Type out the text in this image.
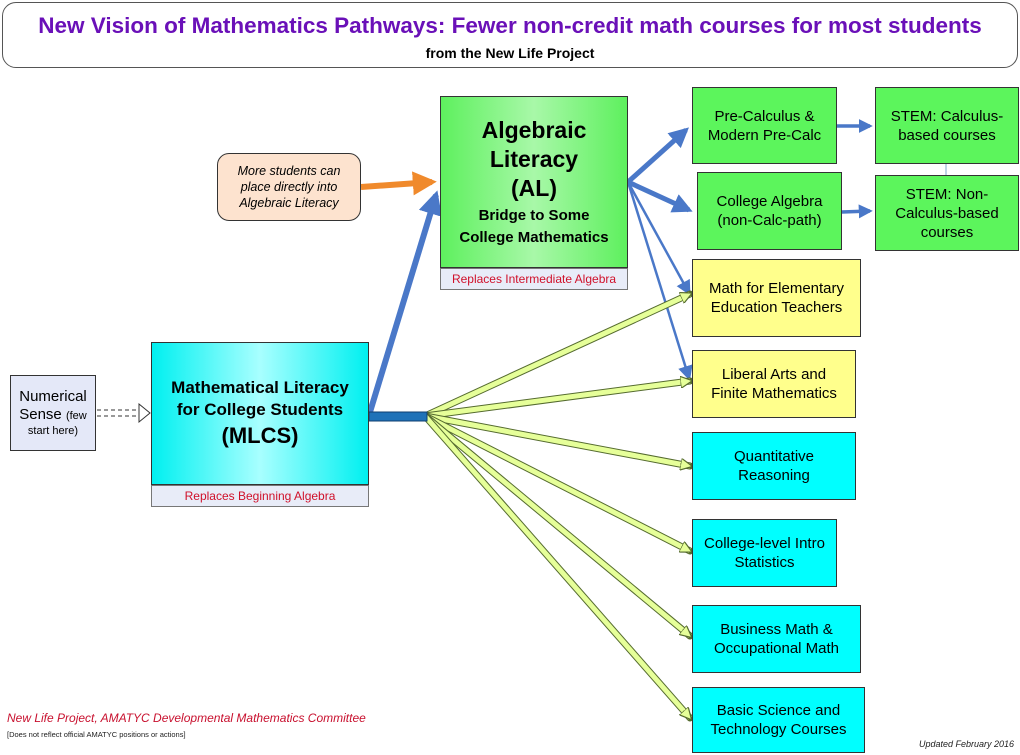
New Vision of Mathematics Pathways: Fewer non-credit math courses for most students
from the New Life Project
Algebraic
Literacy
(AL)
Bridge to Some
College Mathematics
Replaces Intermediate Algebra
Mathematical Literacy
for College Students
(MLCS)
Replaces Beginning Algebra
More students can
place directly into
Algebraic Literacy
Numerical
Sense (few
start here)
Pre-Calculus &
Modern Pre-Calc
College Algebra
(non-Calc-path)
STEM: Calculus-
based courses
STEM: Non-
Calculus-based
courses
Math for Elementary
Education Teachers
Liberal Arts and
Finite Mathematics
Quantitative
Reasoning
College-level Intro
Statistics
Business Math &
Occupational Math
Basic Science and
Technology Courses
New Life Project, AMATYC Developmental Mathematics Committee
[Does not reflect official AMATYC positions or actions]
Updated February 2016
